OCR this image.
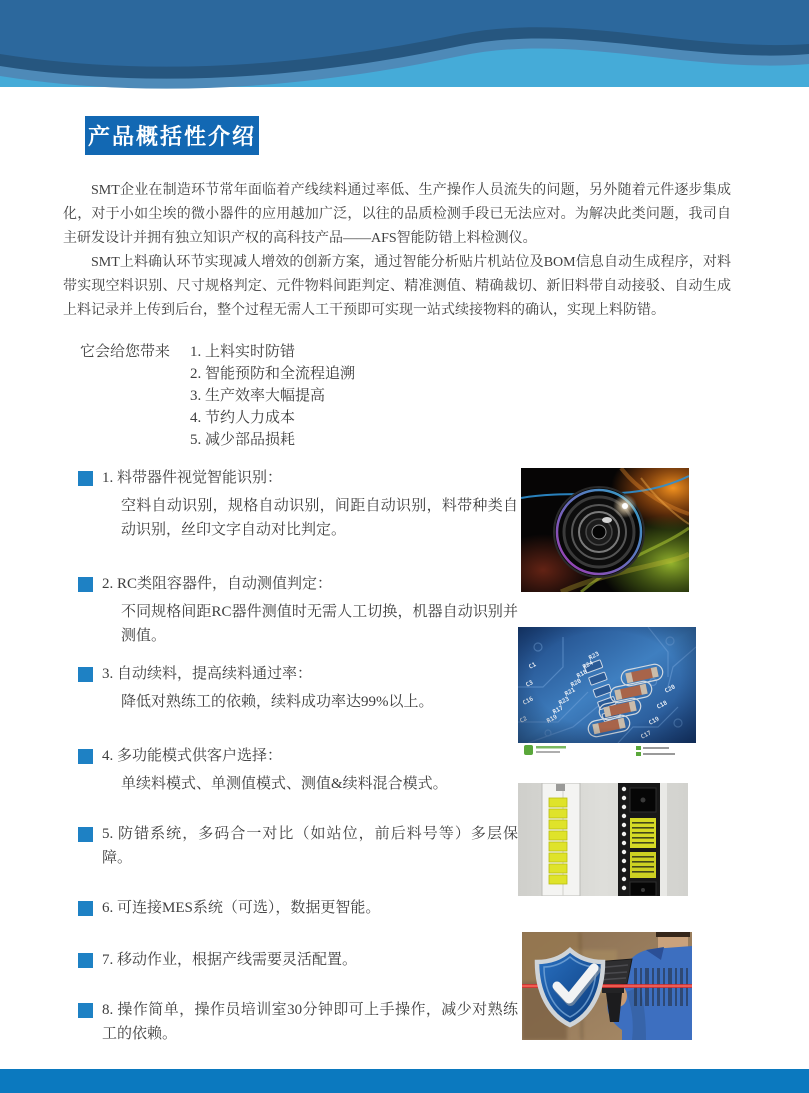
产品概括性介绍

SMT企业在制造环节常年面临着产线续料通过率低、生产操作人员流失的问题，另外随着元件逐步集成化，对于小如尘埃的微小器件的应用越加广泛，以往的品质检测手段已无法应对。为解决此类问题，我司自主研发设计并拥有独立知识产权的高科技产品——AFS智能防错上料检测仪。

SMT上料确认环节实现减人增效的创新方案，通过智能分析贴片机站位及BOM信息自动生成程序，对料带实现空料识别、尺寸规格判定、元件物料间距判定、精准测值、精确裁切、新旧料带自动接驳、自动生成上料记录并上传到后台，整个过程无需人工干预即可实现一站式续接物料的确认，实现上料防错。

它会给您带来	1. 上料实时防错
2. 智能预防和全流程追溯
3. 生产效率大幅提高
4. 节约人力成本
5. 减少部品损耗
1. 料带器件视觉智能识别：
空料自动识别，规格自动识别，间距自动识别，料带种类自动识别，丝印文字自动对比判定。
2. RC类阻容器件，自动测值判定：
不同规格间距RC器件测值时无需人工切换，机器自动识别并测值。
3. 自动续料，提高续料通过率：
降低对熟练工的依赖，续料成功率达99%以上。
4. 多功能模式供客户选择：
单续料模式、单测值模式、测值&续料混合模式。
5. 防错系统，多码合一对比（如站位，前后料号等）多层保障。
6. 可连接MES系统（可选），数据更智能。
7. 移动作业，根据产线需要灵活配置。
8. 操作简单，操作员培训室30分钟即可上手操作，减少对熟练工的依赖。
